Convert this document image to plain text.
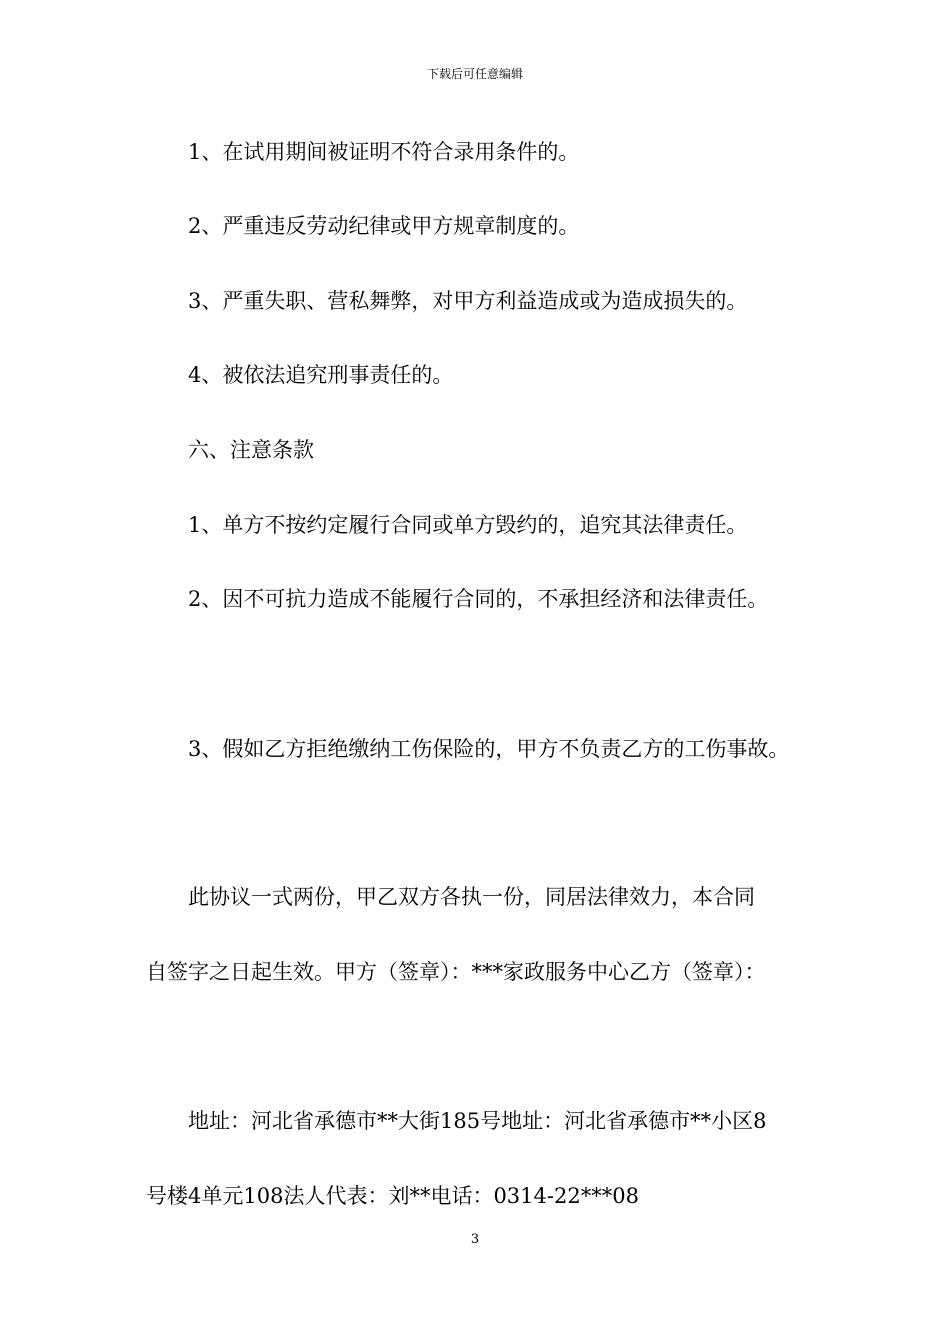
下载后可任意编辑
1、在试用期间被证明不符合录用条件的。
2、严重违反劳动纪律或甲方规章制度的。
3、严重失职、营私舞弊，对甲方利益造成或为造成损失的。
4、被依法追究刑事责任的。
六、注意条款
1、单方不按约定履行合同或单方毁约的，追究其法律责任。
2、因不可抗力造成不能履行合同的，不承担经济和法律责任。
3、假如乙方拒绝缴纳工伤保险的，甲方不负责乙方的工伤事故。
此协议一式两份，甲乙双方各执一份，同居法律效力，本合同
自签字之日起生效。甲方（签章）：***家政服务中心乙方（签章）：
地址：河北省承德市**大街185号地址：河北省承德市**小区8
号楼4单元108法人代表：刘**电话：0314-22***08
3
